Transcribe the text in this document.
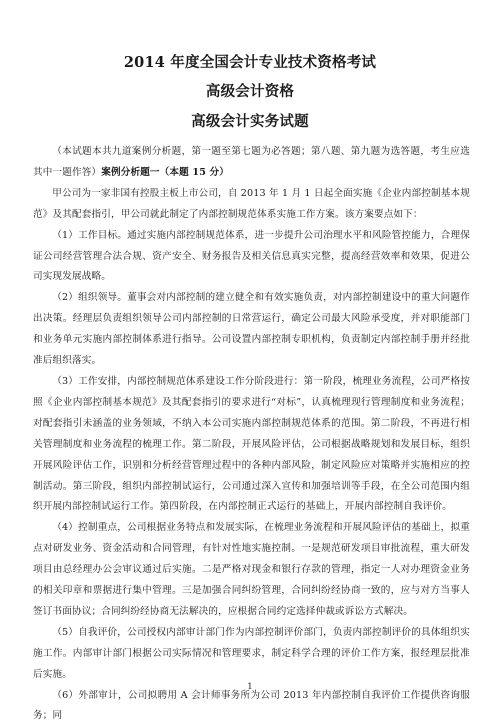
2014 年度全国会计专业技术资格考试
高级会计资格
高级会计实务试题

（本试题本共九道案例分析题，第一题至第七题为必答题；第八题、第九题为选答题，考生应选其中一题作答）案例分析题一（本题 15 分）

甲公司为一家非国有控股主板上市公司，自 2013 年 1 月 1 日起全面实施《企业内部控制基本规范》及其配套指引，甲公司就此制定了内部控制规范体系实施工作方案。该方案要点如下：

（1）工作目标。通过实施内部控制规范体系，进一步提升公司治理水平和风险管控能力，合理保证公司经营管理合法合规、资产安全、财务报告及相关信息真实完整，提高经营效率和效果，促进公司实现发展战略。

（2）组织领导。董事会对内部控制的建立健全和有效实施负责，对内部控制建设中的重大问题作出决策。经理层负责组织领导公司内部控制的日常营运行，确定公司最大风险承受度，并对职能部门和业务单元实施内部控制体系进行指导。公司设置内部控制专职机构，负责制定内部控制手册并经批准后组织落实。

（3）工作安排，内部控制规范体系建设工作分阶段进行：第一阶段，梳理业务流程，公司严格按照《企业内部控制基本规范》及其配套指引的要求进行“对标”，认真梳理现行管理制度和业务流程；对配套指引未涵盖的业务领域，不纳入本公司实施内部控制规范体系的范围。第二阶段，不再进行相关管理制度和业务流程的梳理工作。第二阶段，开展风险评估，公司根据战略规划和发展目标，组织开展风险评估工作，识别和分析经营管理过程中的各种内部风险，制定风险应对策略并实施相应的控制活动。第三阶段，组织内部控制试运行，公司通过深入宣传和加强培训等手段，在全公司范围内组织开展内部控制试运行工作。第四阶段，在内部控制正式运行的基础上，开展内部控制自我评价。

（4）控制重点，公司根据业务特点和发展实际，在梳理业务流程和开展风险评估的基础上，拟重点对研发业务、资金活动和合同管理，有针对性地实施控制。一是规范研发项目审批流程，重大研发项目由总经理办公会审议通过后实施。二是严格对现金和银行存款的管理，指定一人对办理资金业务的相关印章和票据进行集中管理。三是加强合同纠纷管理，合同纠纷经协商一致的，应与对方当事人签订书面协议；合同纠纷经协商无法解决的，应根据合同约定选择仲裁或诉讼方式解决。

（5）自我评价，公司授权内部审计部门作为内部控制评价部门，负责内部控制评价的具体组织实施工作。内部审计部门根据公司实际情况和管理要求，制定科学合理的评价工作方案，报经理层批准后实施。

（6）外部审计，公司拟聘用 A 会计师事务所为公司 2013 年内部控制自我评价工作提供咨询服务；同

1
